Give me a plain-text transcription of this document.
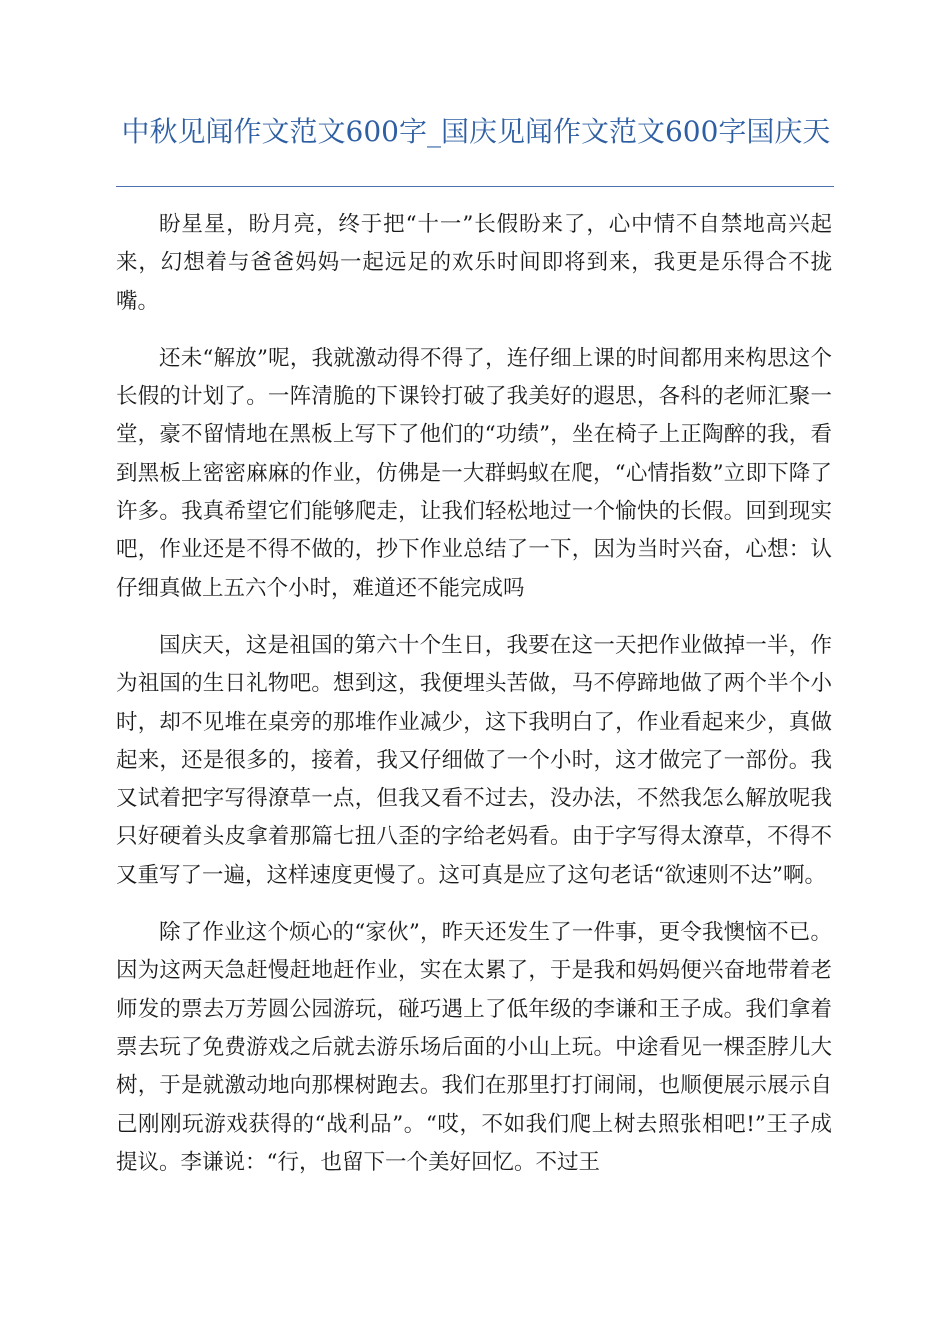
中秋见闻作文范文600字_国庆见闻作文范文600字国庆天

盼星星，盼月亮，终于把“十一”长假盼来了，心中情不自禁地高兴起来，幻想着与爸爸妈妈一起远足的欢乐时间即将到来，我更是乐得合不拢嘴。

还未“解放”呢，我就激动得不得了，连仔细上课的时间都用来构思这个长假的计划了。一阵清脆的下课铃打破了我美好的遐思，各科的老师汇聚一堂，豪不留情地在黑板上写下了他们的“功绩”，坐在椅子上正陶醉的我，看到黑板上密密麻麻的作业，仿佛是一大群蚂蚁在爬，“心情指数”立即下降了许多。我真希望它们能够爬走，让我们轻松地过一个愉快的长假。回到现实吧，作业还是不得不做的，抄下作业总结了一下，因为当时兴奋，心想：认仔细真做上五六个小时，难道还不能完成吗

国庆天，这是祖国的第六十个生日，我要在这一天把作业做掉一半，作为祖国的生日礼物吧。想到这，我便埋头苦做，马不停蹄地做了两个半个小时，却不见堆在桌旁的那堆作业减少，这下我明白了，作业看起来少，真做起来，还是很多的，接着，我又仔细做了一个小时，这才做完了一部份。我又试着把字写得潦草一点，但我又看不过去，没办法，不然我怎么解放呢我只好硬着头皮拿着那篇七扭八歪的字给老妈看。由于字写得太潦草，不得不又重写了一遍，这样速度更慢了。这可真是应了这句老话“欲速则不达”啊。

除了作业这个烦心的“家伙”，昨天还发生了一件事，更令我懊恼不已。因为这两天急赶慢赶地赶作业，实在太累了，于是我和妈妈便兴奋地带着老师发的票去万芳圆公园游玩，碰巧遇上了低年级的李谦和王子成。我们拿着票去玩了免费游戏之后就去游乐场后面的小山上玩。中途看见一棵歪脖儿大树，于是就激动地向那棵树跑去。我们在那里打打闹闹，也顺便展示展示自己刚刚玩游戏获得的“战利品”。“哎，不如我们爬上树去照张相吧!”王子成提议。李谦说：“行，也留下一个美好回忆。不过王
